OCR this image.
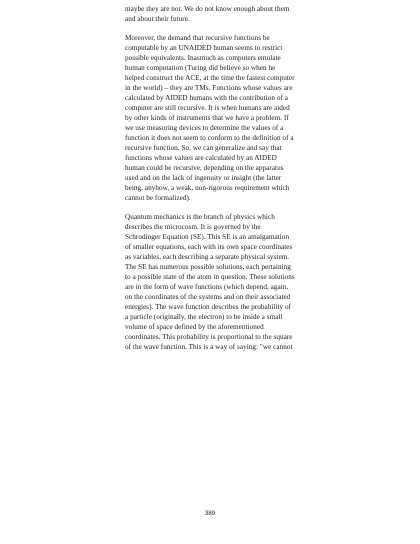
maybe they are not. We do not know enough about them
and about their future.

Moreover, the demand that recursive functions be
computable by an UNAIDED human seems to restrict
possible equivalents. Inasmuch as computers emulate
human computation (Turing did believe so when he
helped construct the ACE, at the time the fastest computer
in the world) – they are TMs. Functions whose values are
calculated by AIDED humans with the contribution of a
computer are still recursive. It is when humans are aided
by other kinds of instruments that we have a problem. If
we use measuring devices to determine the values of a
function it does not seem to conform to the definition of a
recursive function. So, we can generalize and say that
functions whose values are calculated by an AIDED
human could be recursive, depending on the apparatus
used and on the lack of ingenuity or insight (the latter
being, anyhow, a weak, non-rigorous requirement which
cannot be formalized).

Quantum mechanics is the branch of physics which
describes the microcosm. It is governed by the
Schrodinger Equation (SE). This SE is an amalgamation
of smaller equations, each with its own space coordinates
as variables, each describing a separate physical system.
The SE has numerous possible solutions, each pertaining
to a possible state of the atom in question. These solutions
are in the form of wave functions (which depend, again,
on the coordinates of the systems and on their associated
energies). The wave function describes the probability of
a particle (originally, the electron) to be inside a small
volume of space defined by the aforementioned
coordinates. This probability is proportional to the square
of the wave function. This is a way of saying: "we cannot

389
